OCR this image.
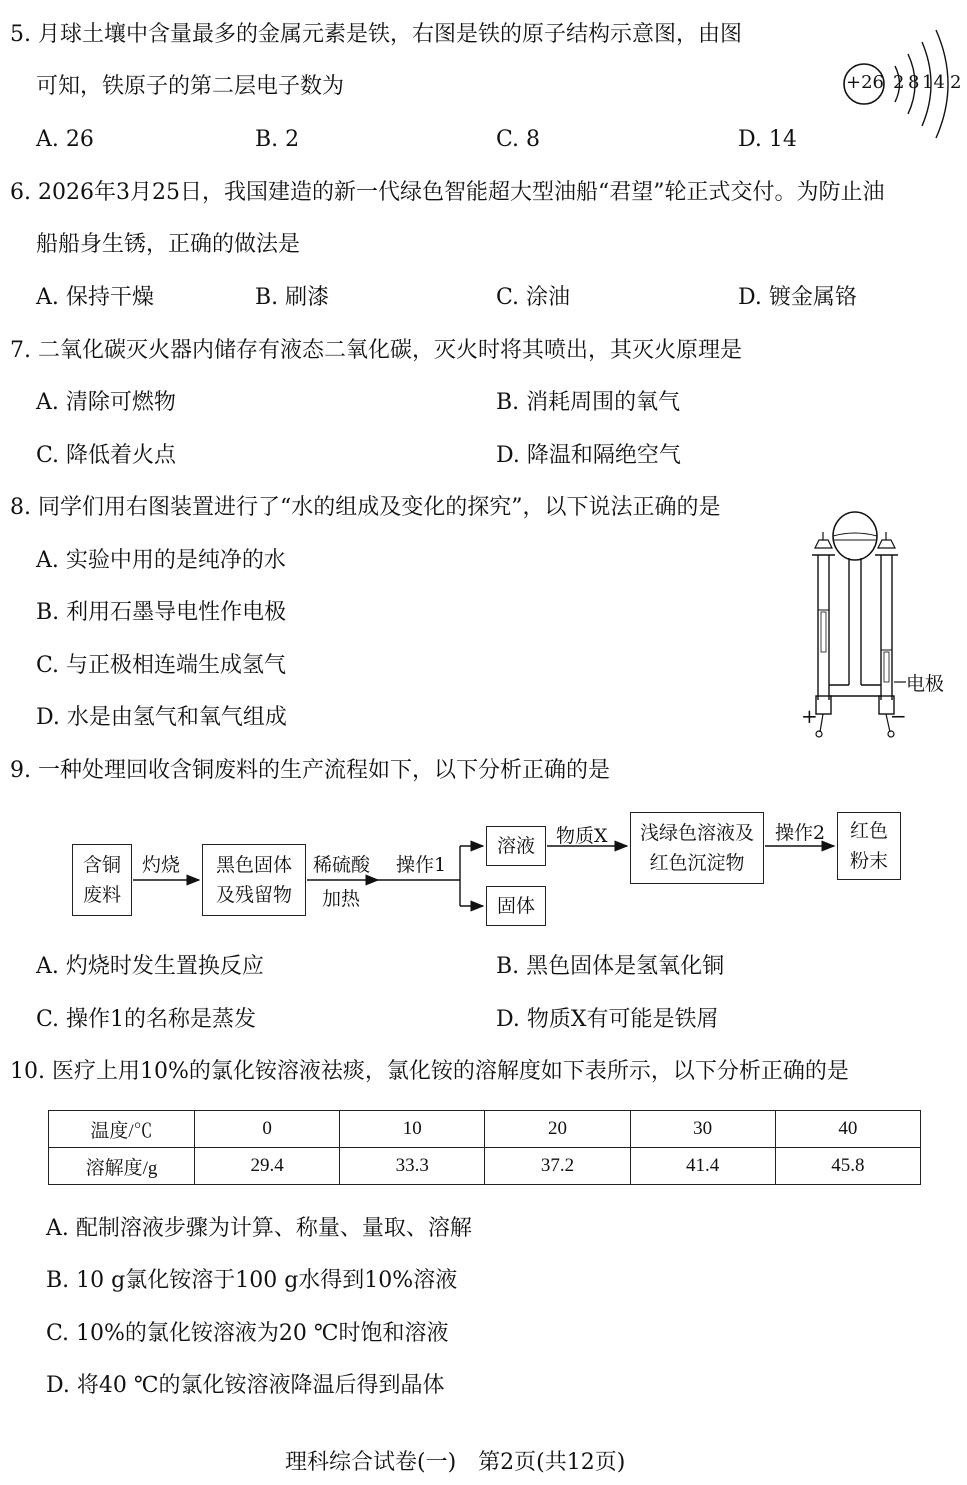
5. 月球土壤中含量最多的金属元素是铁，右图是铁的原子结构示意图，由图
可知，铁原子的第二层电子数为
A. 26	B. 2	C. 8	D. 14
+26 2 8 14 2
6. 2026年3月25日，我国建造的新一代绿色智能超大型油船“君望”轮正式交付。为防止油
船船身生锈，正确的做法是
A. 保持干燥	B. 刷漆	C. 涂油	D. 镀金属铬
7. 二氧化碳灭火器内储存有液态二氧化碳，灭火时将其喷出，其灭火原理是
A. 清除可燃物	B. 消耗周围的氧气
C. 降低着火点	D. 降温和隔绝空气
8. 同学们用右图装置进行了“水的组成及变化的探究”，以下说法正确的是
A. 实验中用的是纯净的水
B. 利用石墨导电性作电极
C. 与正极相连端生成氢气
D. 水是由氢气和氧气组成
电极
+	−
9. 一种处理回收含铜废料的生产流程如下，以下分析正确的是
含铜
废料
灼烧	黑色固体
及残留物
稀硫酸
加热
操作1
溶液
固体
物质X	浅绿色溶液及
红色沉淀物
操作2	红色
粉末
A. 灼烧时发生置换反应	B. 黑色固体是氢氧化铜
C. 操作1的名称是蒸发	D. 物质X有可能是铁屑
10. 医疗上用10%的氯化铵溶液祛痰，氯化铵的溶解度如下表所示，以下分析正确的是
温度/℃	0	10	20	30	40
溶解度/g	29.4	33.3	37.2	41.4	45.8
A. 配制溶液步骤为计算、称量、量取、溶解
B. 10 g氯化铵溶于100 g水得到10%溶液
C. 10%的氯化铵溶液为20 ℃时饱和溶液
D. 将40 ℃的氯化铵溶液降温后得到晶体
理科综合试卷(一)　第2页(共12页)
